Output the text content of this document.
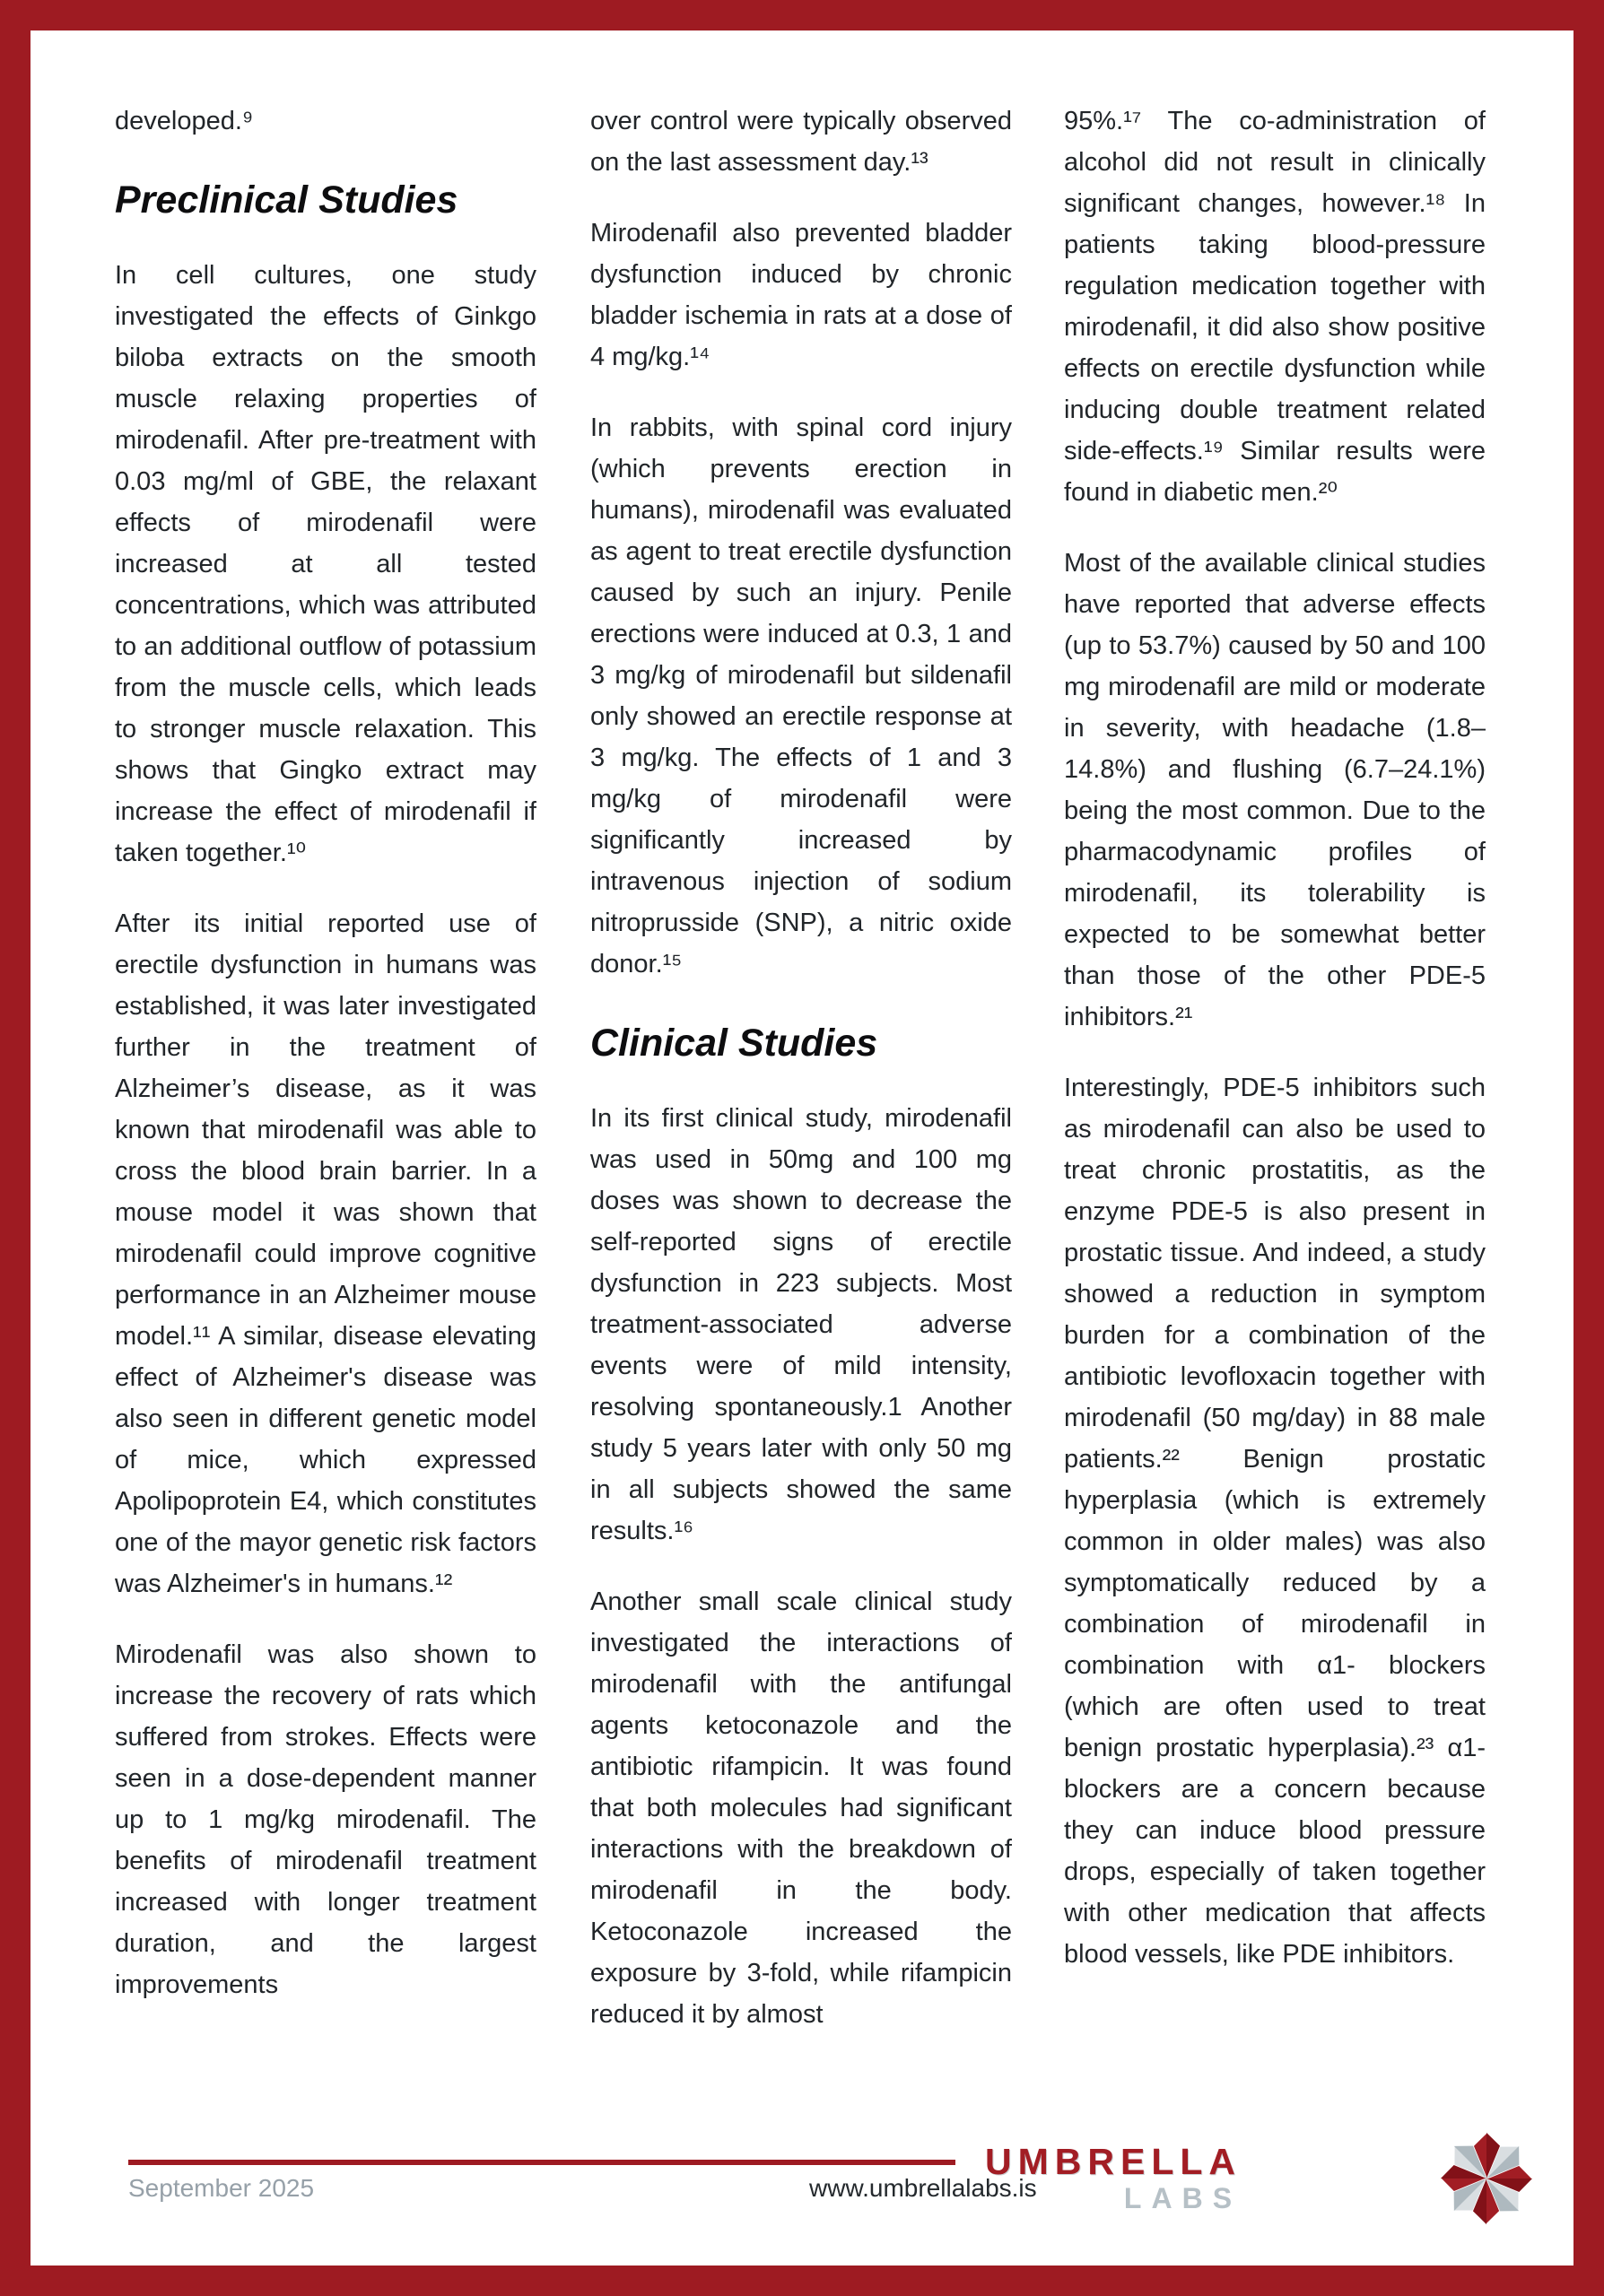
developed.⁹

Preclinical Studies

In cell cultures, one study investigated the effects of Ginkgo biloba extracts on the smooth muscle relaxing properties of mirodenafil. After pre-treatment with 0.03 mg/ml of GBE, the relaxant effects of mirodenafil were increased at all tested concentrations, which was attributed to an additional outflow of potassium from the muscle cells, which leads to stronger muscle relaxation. This shows that Gingko extract may increase the effect of mirodenafil if taken together.¹⁰

After its initial reported use of erectile dysfunction in humans was established, it was later investigated further in the treatment of Alzheimer’s disease, as it was known that mirodenafil was able to cross the blood brain barrier. In a mouse model it was shown that mirodenafil could improve cognitive performance in an Alzheimer mouse model.¹¹ A similar, disease elevating effect of Alzheimer's disease was also seen in different genetic model of mice, which expressed Apolipoprotein E4, which constitutes one of the mayor genetic risk factors was Alzheimer's in humans.¹²

Mirodenafil was also shown to increase the recovery of rats which suffered from strokes. Effects were seen in a dose-dependent manner up to 1 mg/kg mirodenafil. The benefits of mirodenafil treatment increased with longer treatment duration, and the largest improvements

over control were typically observed on the last assessment day.¹³

Mirodenafil also prevented bladder dysfunction induced by chronic bladder ischemia in rats at a dose of 4 mg/kg.¹⁴

In rabbits, with spinal cord injury (which prevents erection in humans), mirodenafil was evaluated as agent to treat erectile dysfunction caused by such an injury. Penile erections were induced at 0.3, 1 and 3 mg/kg of mirodenafil but sildenafil only showed an erectile response at 3 mg/kg. The effects of 1 and 3 mg/kg of mirodenafil were significantly increased by intravenous injection of sodium nitroprusside (SNP), a nitric oxide donor.¹⁵

Clinical Studies

In its first clinical study, mirodenafil was used in 50mg and 100 mg doses was shown to decrease the self-reported signs of erectile dysfunction in 223 subjects. Most treatment-associated adverse events were of mild intensity, resolving spontaneously.1 Another study 5 years later with only 50 mg in all subjects showed the same results.¹⁶

Another small scale clinical study investigated the interactions of mirodenafil with the antifungal agents ketoconazole and the antibiotic rifampicin. It was found that both molecules had significant interactions with the breakdown of mirodenafil in the body. Ketoconazole increased the exposure by 3-fold, while rifampicin reduced it by almost

95%.¹⁷ The co-administration of alcohol did not result in clinically significant changes, however.¹⁸ In patients taking blood-pressure regulation medication together with mirodenafil, it did also show positive effects on erectile dysfunction while inducing double treatment related side-effects.¹⁹ Similar results were found in diabetic men.²⁰

Most of the available clinical studies have reported that adverse effects (up to 53.7%) caused by 50 and 100 mg mirodenafil are mild or moderate in severity, with headache (1.8–14.8%) and flushing (6.7–24.1%) being the most common. Due to the pharmacodynamic profiles of mirodenafil, its tolerability is expected to be somewhat better than those of the other PDE-5 inhibitors.²¹

Interestingly, PDE-5 inhibitors such as mirodenafil can also be used to treat chronic prostatitis, as the enzyme PDE-5 is also present in prostatic tissue. And indeed, a study showed a reduction in symptom burden for a combination of the antibiotic levofloxacin together with mirodenafil (50 mg/day) in 88 male patients.²² Benign prostatic hyperplasia (which is extremely common in older males) was also symptomatically reduced by a combination of mirodenafil in combination with α1- blockers (which are often used to treat benign prostatic hyperplasia).²³ α1-blockers are a concern because they can induce blood pressure drops, especially of taken together with other medication that affects blood vessels, like PDE inhibitors.

September 2025	www.umbrellalabs.is
UMBRELLA
LABS
